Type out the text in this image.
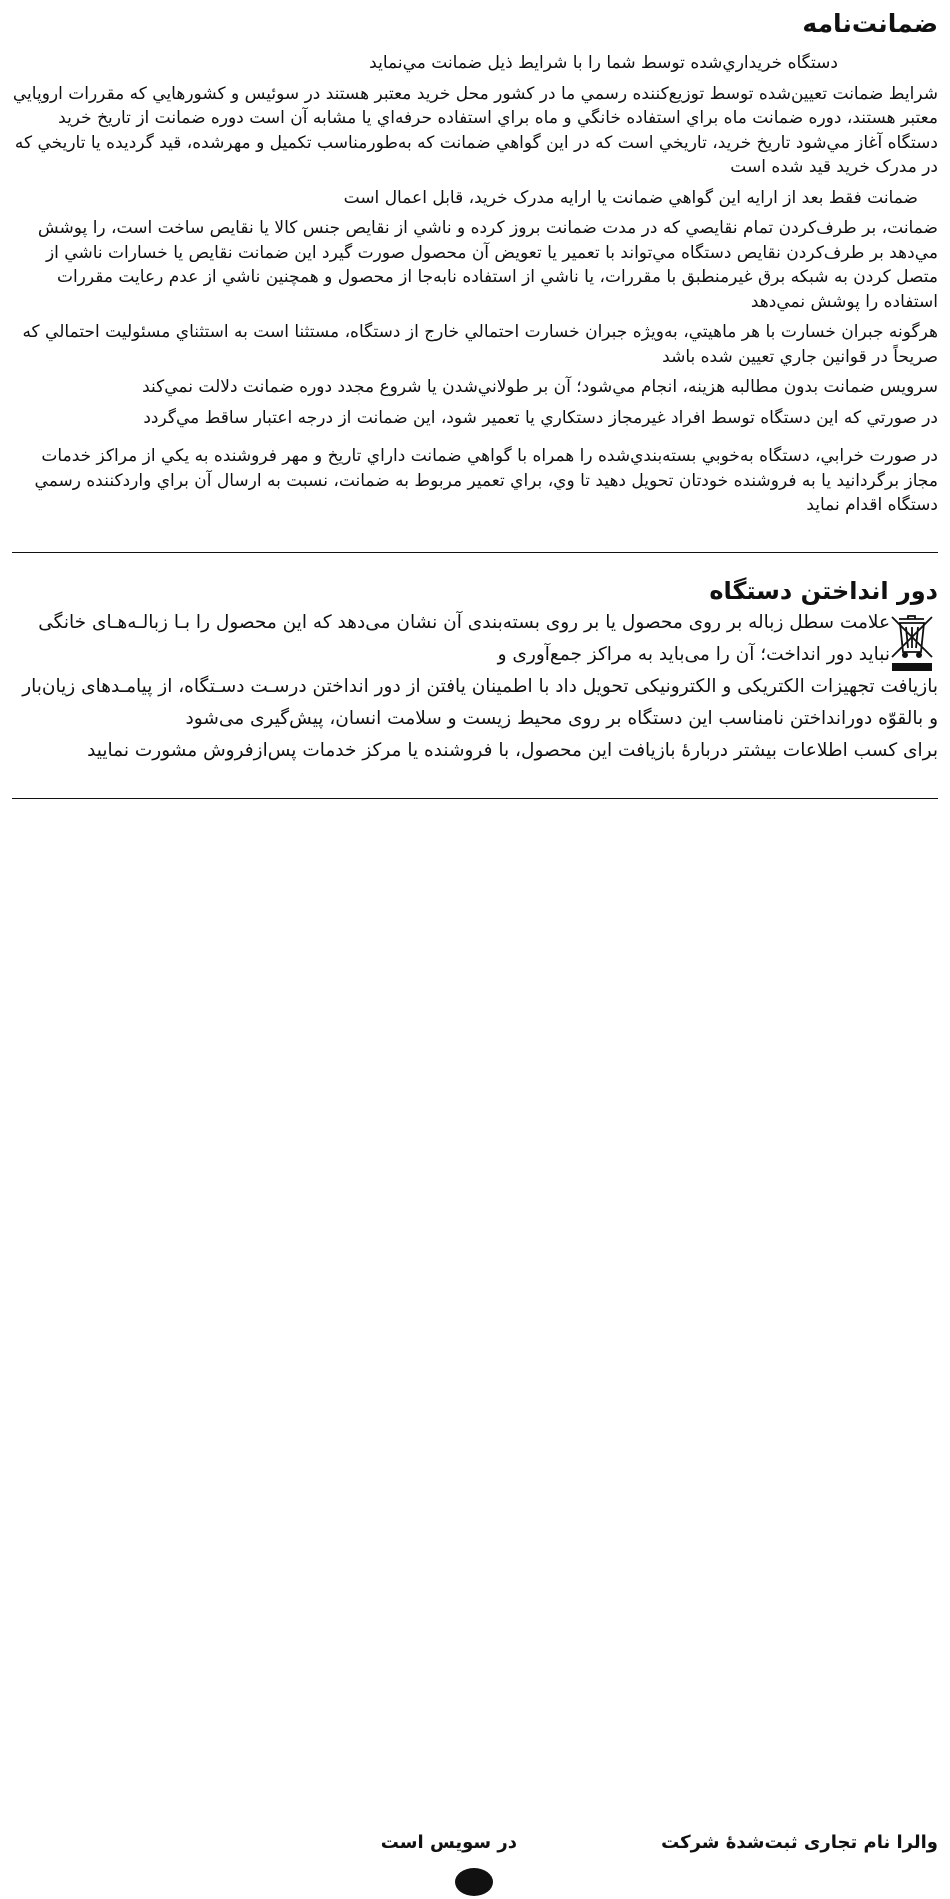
ضمانت‌نامه

دستگاه خريداري‌شده توسط شما را با شرايط ذيل ضمانت مي‌نمايد

شرايط ضمانت تعيين‌شده توسط توزيع‌کننده رسمي ما در کشور محل خريد معتبر هستند در سوئيس و کشورهايي که مقررات اروپايي معتبر هستند، دوره ضمانت ماه براي استفاده خانگي و ماه براي استفاده حرفه‌اي يا مشابه آن است دوره ضمانت از تاريخ خريد دستگاه آغاز مي‌شود تاريخ خريد، تاريخي است که در اين گواهي ضمانت که به‌طورمناسب تکميل و مهرشده، قيد گرديده يا تاريخي که در مدرک خريد قيد شده است

ضمانت فقط بعد از ارايه اين گواهي ضمانت يا ارايه مدرک خريد، قابل اعمال است

ضمانت، بر طرف‌کردن تمام نقايصي که در مدت ضمانت بروز کرده و ناشي از نقايص جنس کالا يا نقايص ساخت است، را پوشش مي‌دهد بر طرف‌کردن نقايص دستگاه مي‌تواند با تعمير يا تعويض آن محصول صورت گيرد اين ضمانت نقايص يا خسارات ناشي از متصل کردن به شبکه برق غيرمنطبق با مقررات، يا ناشي از استفاده نابه‌جا از محصول و همچنين ناشي از عدم رعايت مقررات استفاده را پوشش نمي‌دهد

هرگونه جبران خسارت با هر ماهيتي، به‌ويژه جبران خسارت احتمالي خارج از دستگاه، مستثنا است به استثناي مسئوليت احتمالي که صريحاً در قوانين جاري تعيين شده باشد

سرويس ضمانت بدون مطالبه هزينه، انجام مي‌شود؛ آن بر طولاني‌شدن يا شروع مجدد دوره ضمانت دلالت نمي‌کند

در صورتي که اين دستگاه توسط افراد غيرمجاز دستکاري يا تعمير شود، اين ضمانت از درجه اعتبار ساقط مي‌گردد

در صورت خرابي، دستگاه به‌خوبي بسته‌بندي‌شده را همراه با گواهي ضمانت داراي تاريخ و مهر فروشنده به يکي از مراکز خدمات مجاز برگردانيد يا به فروشنده خودتان تحويل دهيد تا وي، براي تعمير مربوط به ضمانت، نسبت به ارسال آن براي واردکننده رسمي دستگاه اقدام نمايد

دور انداختن دستگاه

علامت سطل زباله بر روی محصول یا بر روی بسته‌بندی آن نشان می‌دهد که این محصول را بـا زبالـه‌هـای خانگی نباید دور انداخت؛ آن را می‌باید به مراکز جمع‌آوری و

بازیافت تجهیزات الکتریکی و الکترونیکی تحویل داد با اطمینان یافتن از دور انداختن درسـت دسـتگاه، از پیامـدهای زیان‌بار و بالقوّه دورانداختن نامناسب این دستگاه بر روی محیط زیست و سلامت انسان، پیش‌گیری می‌شود

برای کسب اطلاعات بیشتر دربارۀ بازیافت این محصول، با فروشنده یا مرکز خدمات پس‌ازفروش مشورت نمایید

والرا نام تجاری ثبت‌شدۀ شرکت
در سويس است
